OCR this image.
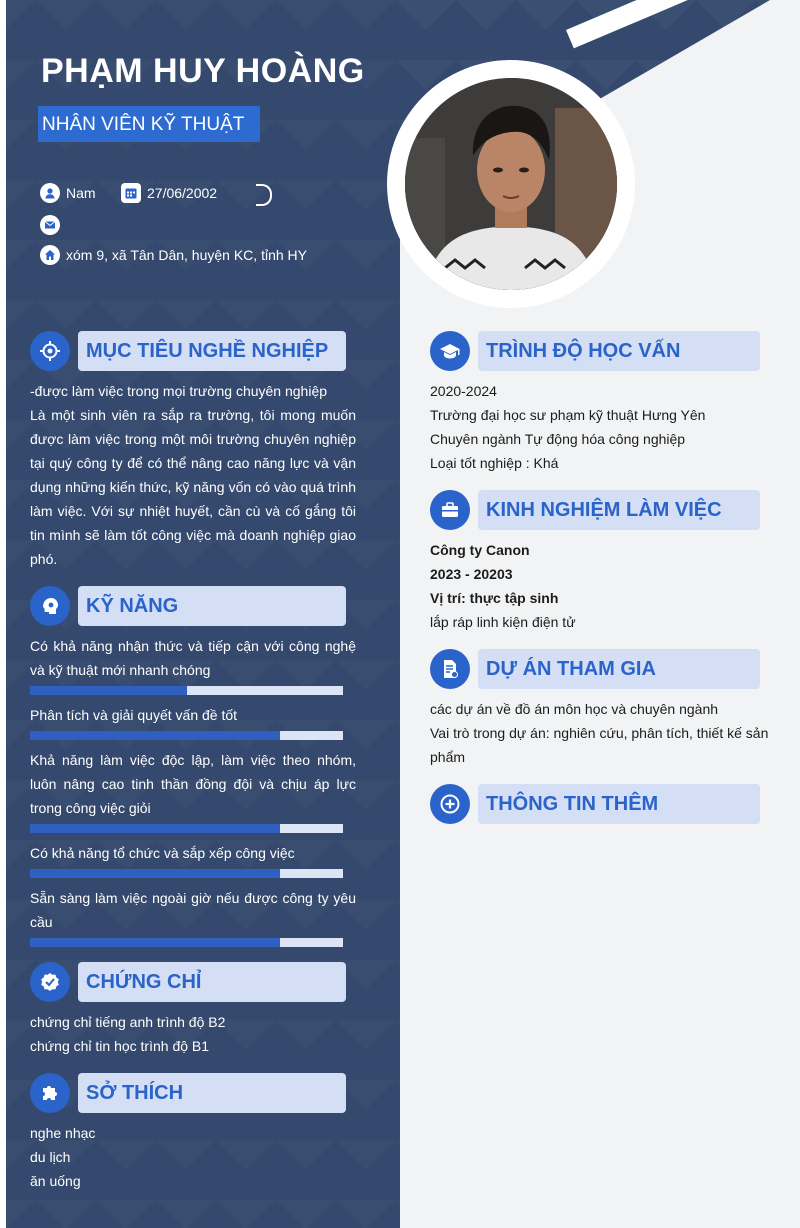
PHẠM HUY HOÀNG
NHÂN VIÊN KỸ THUẬT
Nam	27/06/2002
xóm 9, xã Tân Dân, huyện KC, tỉnh HY
MỤC TIÊU NGHỀ NGHIỆP

-được làm việc trong mọi trường chuyên nghiệp

Là một sinh viên ra sắp ra trường, tôi mong muốn được làm việc trong một môi trường chuyên nghiệp tại quý công ty để có thể nâng cao năng lực và vận dụng những kiến thức, kỹ năng vốn có vào quá trình làm việc. Với sự nhiệt huyết, cần cù và cố gắng tôi tin mình sẽ làm tốt công việc mà doanh nghiệp giao phó.

KỸ NĂNG
Có khả năng nhận thức và tiếp cận với công nghệ và kỹ thuật mới nhanh chóng
Phân tích và giải quyết vấn đề tốt
Khả năng làm việc độc lập, làm việc theo nhóm, luôn nâng cao tinh thần đồng đội và chịu áp lực trong công việc giỏi
Có khả năng tổ chức và sắp xếp công việc
Sẵn sàng làm việc ngoài giờ nếu được công ty yêu cầu
CHỨNG CHỈ

chứng chỉ tiếng anh trình độ B2

chứng chỉ tin học trình độ B1

SỞ THÍCH

nghe nhạc

du lịch

ăn uống

TRÌNH ĐỘ HỌC VẤN

2020-2024

Trường đại học sư phạm kỹ thuật Hưng Yên

Chuyên ngành Tự động hóa công nghiệp

Loại tốt nghiệp : Khá

KINH NGHIỆM LÀM VIỆC

Công ty Canon

2023 - 20203

Vị trí: thực tập sinh

lắp ráp linh kiện điện tử

DỰ ÁN THAM GIA

các dự án về đồ án môn học và chuyên ngành

Vai trò trong dự án: nghiên cứu, phân tích, thiết kế sản phẩm

THÔNG TIN THÊM
